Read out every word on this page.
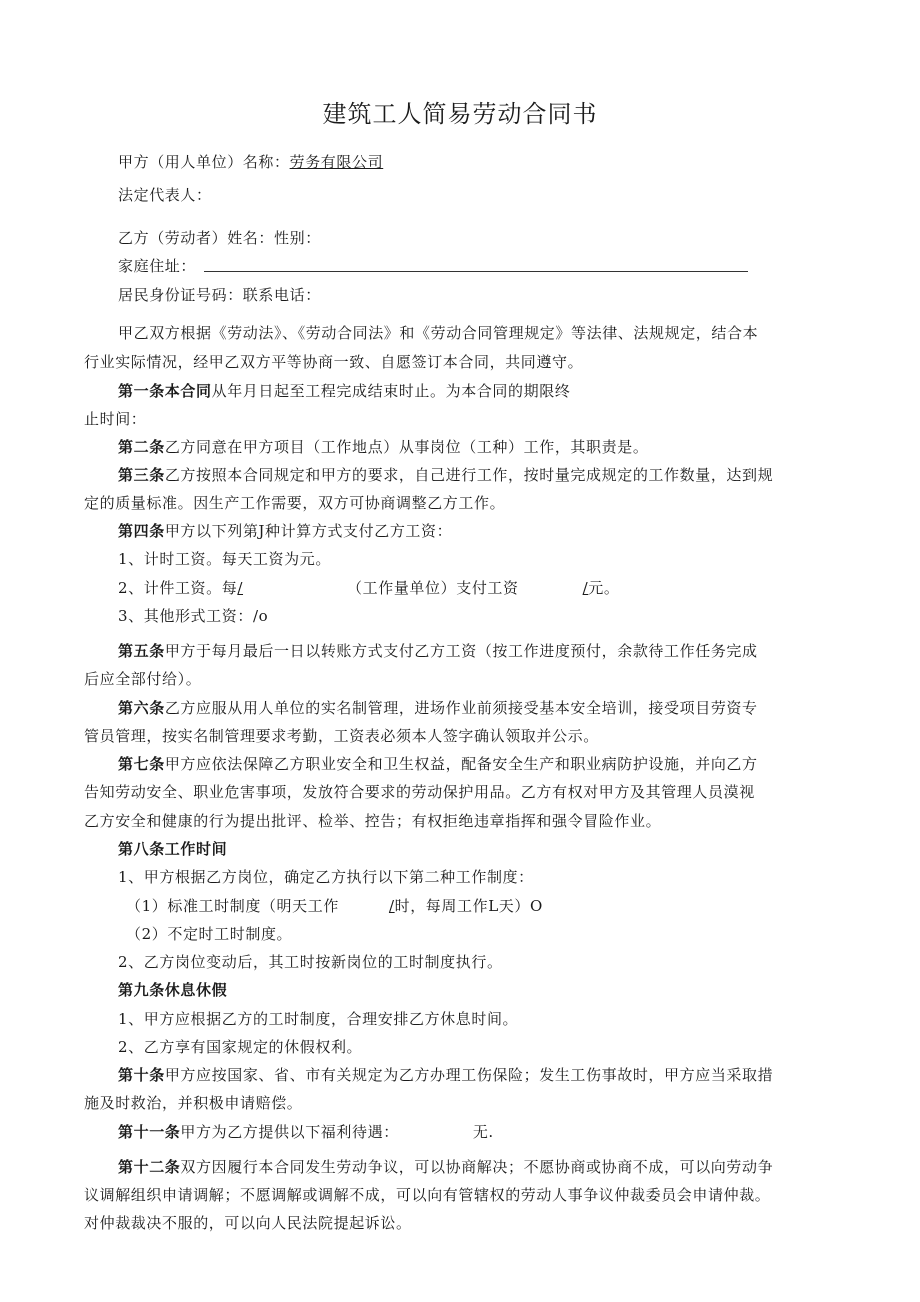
建筑工人简易劳动合同书
甲方（用人单位）名称：劳务有限公司
法定代表人：
乙方（劳动者）姓名：性别：
家庭住址：
居民身份证号码：联系电话：
甲乙双方根据《劳动法》、《劳动合同法》和《劳动合同管理规定》等法律、法规规定，结合本
行业实际情况，经甲乙双方平等协商一致、自愿签订本合同，共同遵守。
第一条本合同从年月日起至工程完成结束时止。为本合同的期限终
止时间：
第二条乙方同意在甲方项目（工作地点）从事岗位（工种）工作，其职责是。
第三条乙方按照本合同规定和甲方的要求，自己进行工作，按时量完成规定的工作数量，达到规
定的质量标准。因生产工作需要，双方可协商调整乙方工作。
第四条甲方以下列第J种计算方式支付乙方工资：
1、计时工资。每天工资为元。
2、计件工资。每/	（工作量单位）支付工资	/元。
3、其他形式工资：/o
第五条甲方于每月最后一日以转账方式支付乙方工资（按工作进度预付，余款待工作任务完成
后应全部付给）。
第六条乙方应服从用人单位的实名制管理，进场作业前须接受基本安全培训，接受项目劳资专
管员管理，按实名制管理要求考勤，工资表必须本人签字确认领取并公示。
第七条甲方应依法保障乙方职业安全和卫生权益，配备安全生产和职业病防护设施，并向乙方
告知劳动安全、职业危害事项，发放符合要求的劳动保护用品。乙方有权对甲方及其管理人员漠视
乙方安全和健康的行为提出批评、检举、控告；有权拒绝违章指挥和强令冒险作业。
第八条工作时间
1、甲方根据乙方岗位，确定乙方执行以下第二种工作制度：
（1）标准工时制度（明天工作	/时，每周工作L天）O
（2）不定时工时制度。
2、乙方岗位变动后，其工时按新岗位的工时制度执行。
第九条休息休假
1、甲方应根据乙方的工时制度，合理安排乙方休息时间。
2、乙方享有国家规定的休假权利。
第十条甲方应按国家、省、市有关规定为乙方办理工伤保险；发生工伤事故时，甲方应当采取措
施及时救治，并积极申请赔偿。
第十一条甲方为乙方提供以下福利待遇：	无.
第十二条双方因履行本合同发生劳动争议，可以协商解决；不愿协商或协商不成，可以向劳动争
议调解组织申请调解；不愿调解或调解不成，可以向有管辖权的劳动人事争议仲裁委员会申请仲裁。
对仲裁裁决不服的，可以向人民法院提起诉讼。
